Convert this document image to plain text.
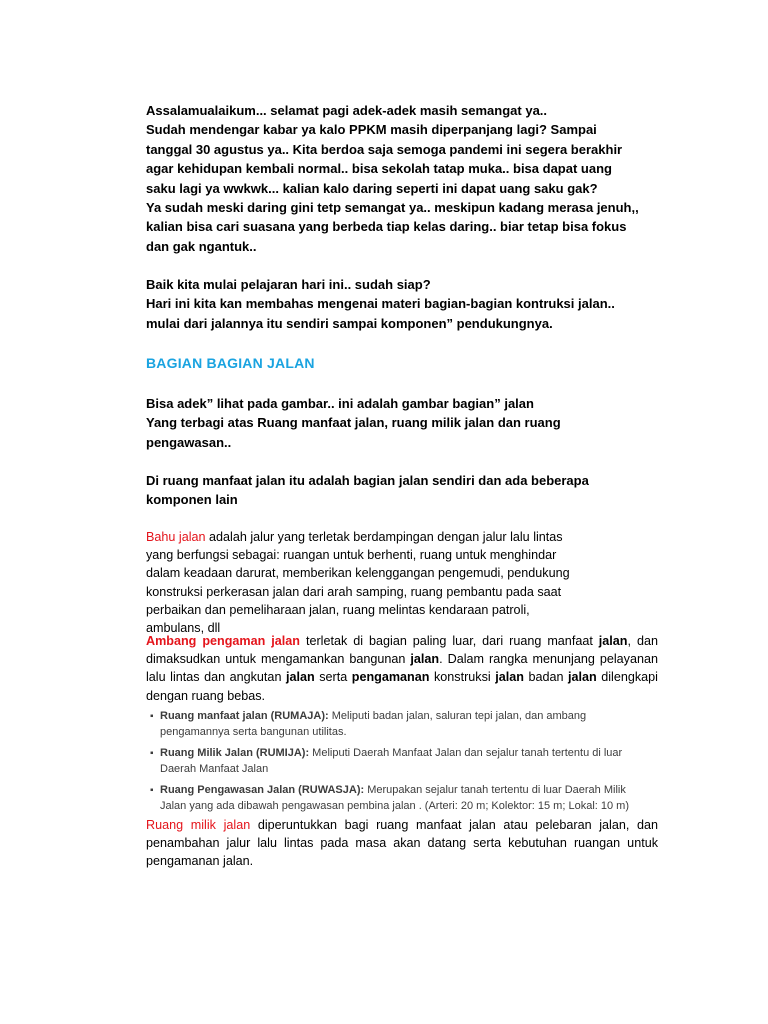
Assalamualaikum... selamat pagi adek-adek masih semangat ya..

Sudah mendengar kabar ya kalo PPKM masih diperpanjang lagi? Sampai

tanggal 30 agustus ya.. Kita berdoa saja semoga pandemi ini segera berakhir

agar kehidupan kembali normal.. bisa sekolah tatap muka.. bisa dapat uang

saku lagi ya wwkwk... kalian kalo daring seperti ini dapat uang saku gak?

Ya sudah meski daring gini tetp semangat ya.. meskipun kadang merasa jenuh,,

kalian bisa cari suasana yang berbeda tiap kelas daring.. biar tetap bisa fokus

dan gak ngantuk..

Baik kita mulai pelajaran hari ini.. sudah siap?

Hari ini kita kan membahas mengenai materi bagian-bagian kontruksi jalan..

mulai dari jalannya itu sendiri sampai komponen” pendukungnya.

BAGIAN BAGIAN JALAN

Bisa adek” lihat pada gambar.. ini adalah gambar bagian” jalan

Yang terbagi atas Ruang manfaat jalan, ruang milik jalan dan ruang

pengawasan..

Di ruang manfaat jalan itu adalah bagian jalan sendiri dan ada beberapa

komponen lain

Bahu jalan adalah jalur yang terletak berdampingan dengan jalur lalu lintas

yang berfungsi sebagai: ruangan untuk berhenti, ruang untuk menghindar

dalam keadaan darurat, memberikan kelenggangan pengemudi, pendukung

konstruksi perkerasan jalan dari arah samping, ruang pembantu pada saat

perbaikan dan pemeliharaan jalan, ruang melintas kendaraan patroli,

ambulans, dll

Ambang pengaman jalan terletak di bagian paling luar, dari ruang manfaat jalan, dan dimaksudkan untuk mengamankan bangunan jalan. Dalam rangka menunjang pelayanan lalu lintas dan angkutan jalan serta pengamanan konstruksi jalan badan jalan dilengkapi dengan ruang bebas.

▪ Ruang manfaat jalan (RUMAJA): Meliputi badan jalan, saluran tepi jalan, dan ambang pengamannya serta bangunan utilitas.

▪ Ruang Milik Jalan (RUMIJA): Meliputi Daerah Manfaat Jalan dan sejalur tanah tertentu di luar Daerah Manfaat Jalan

▪ Ruang Pengawasan Jalan (RUWASJA): Merupakan sejalur tanah tertentu di luar Daerah Milik Jalan yang ada dibawah pengawasan pembina jalan . (Arteri: 20 m; Kolektor: 15 m; Lokal: 10 m)

Ruang milik jalan diperuntukkan bagi ruang manfaat jalan atau pelebaran jalan, dan penambahan jalur lalu lintas pada masa akan datang serta kebutuhan ruangan untuk pengamanan jalan.
